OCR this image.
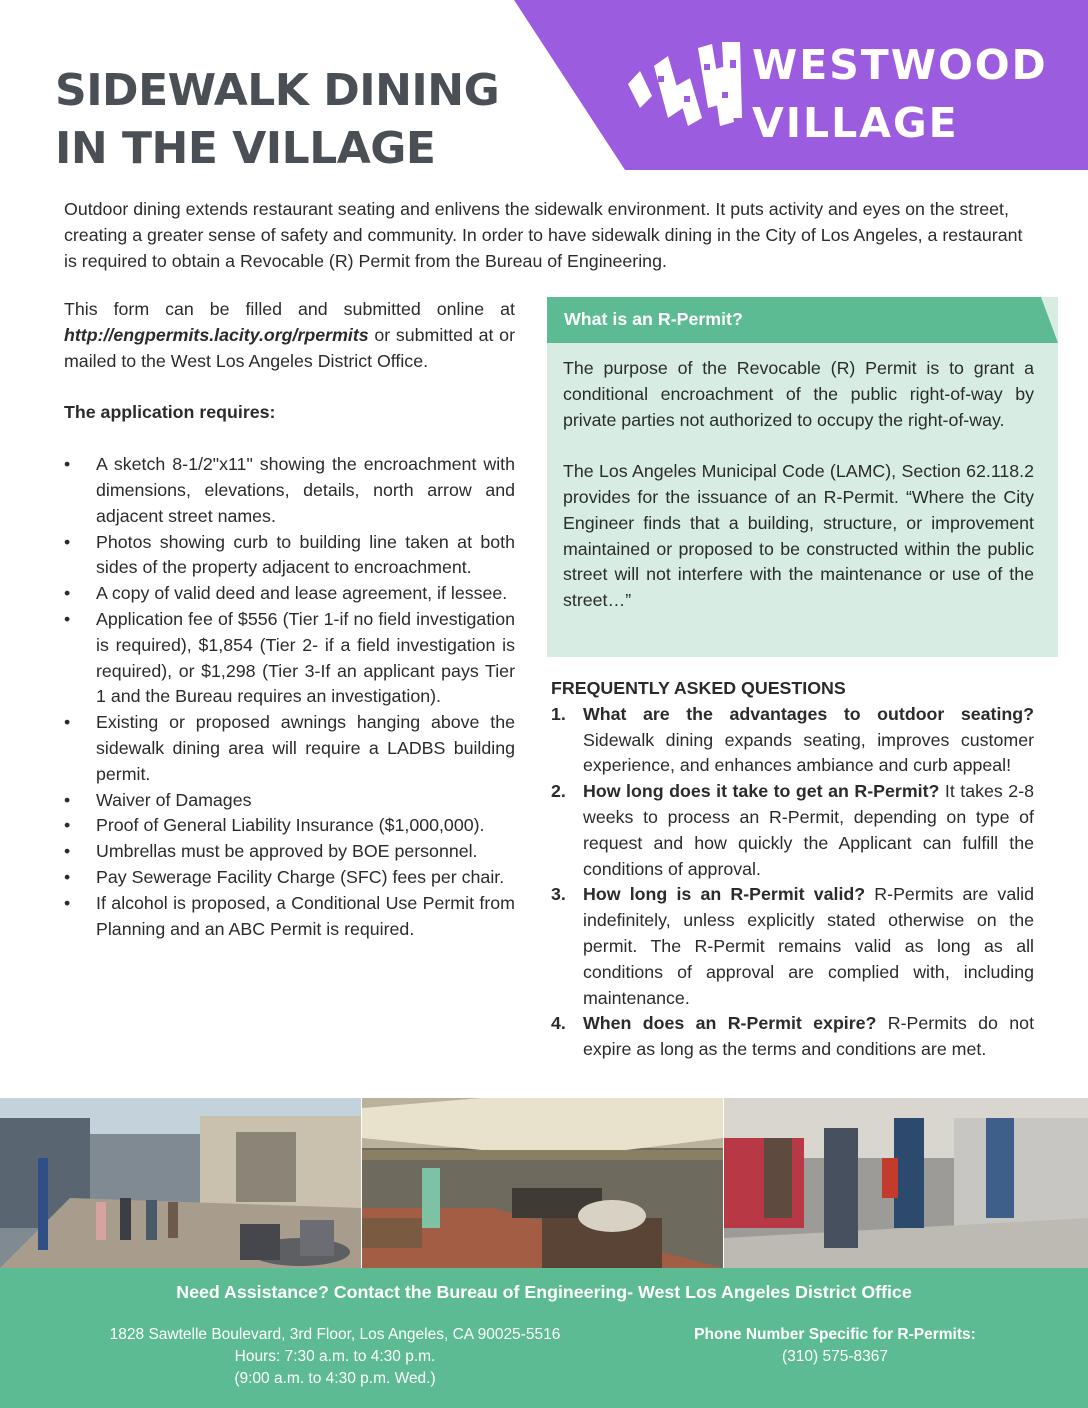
SIDEWALK DINING
IN THE VILLAGE
WESTWOOD
VILLAGE

Outdoor dining extends restaurant seating and enlivens the sidewalk environment. It puts activity and eyes on the street, creating a greater sense of safety and community. In order to have sidewalk dining in the City of Los Angeles, a restaurant is required to obtain a Revocable (R) Permit from the Bureau of Engineering.

This form can be filled and submitted online at http://engpermits.lacity.org/rpermits or submitted at or mailed to the West Los Angeles District Office.

The application requires:

• A sketch 8-1/2"x11" showing the encroachment with dimensions, elevations, details, north arrow and adjacent street names.
• Photos showing curb to building line taken at both sides of the property adjacent to encroachment.
• A copy of valid deed and lease agreement, if lessee.
• Application fee of $556 (Tier 1-if no field investigation is required), $1,854 (Tier 2- if a field investigation is required), or $1,298 (Tier 3-If an applicant pays Tier 1 and the Bureau requires an investigation).
• Existing or proposed awnings hanging above the sidewalk dining area will require a LADBS building permit.
• Waiver of Damages
• Proof of General Liability Insurance ($1,000,000).
• Umbrellas must be approved by BOE personnel.
• Pay Sewerage Facility Charge (SFC) fees per chair.
• If alcohol is proposed, a Conditional Use Permit from Planning and an ABC Permit is required.
What is an R-Permit?

The purpose of the Revocable (R) Permit is to grant a conditional encroachment of the public right-of-way by private parties not authorized to occupy the right-of-way.

The Los Angeles Municipal Code (LAMC), Section 62.118.2 provides for the issuance of an R-Permit. “Where the City Engineer finds that a building, structure, or improvement maintained or proposed to be constructed within the public street will not interfere with the maintenance or use of the street…”

FREQUENTLY ASKED QUESTIONS
1. What are the advantages to outdoor seating? Sidewalk dining expands seating, improves customer experience, and enhances ambiance and curb appeal!
2. How long does it take to get an R-Permit? It takes 2-8 weeks to process an R-Permit, depending on type of request and how quickly the Applicant can fulfill the conditions of approval.
3. How long is an R-Permit valid? R-Permits are valid indefinitely, unless explicitly stated otherwise on the permit. The R-Permit remains valid as long as all conditions of approval are complied with, including maintenance.
4. When does an R-Permit expire? R-Permits do not expire as long as the terms and conditions are met.
Need Assistance? Contact the Bureau of Engineering- West Los Angeles District Office
1828 Sawtelle Boulevard, 3rd Floor, Los Angeles, CA 90025-5516
Hours: 7:30 a.m. to 4:30 p.m.
(9:00 a.m. to 4:30 p.m. Wed.)
Phone Number Specific for R-Permits:
(310) 575-8367
